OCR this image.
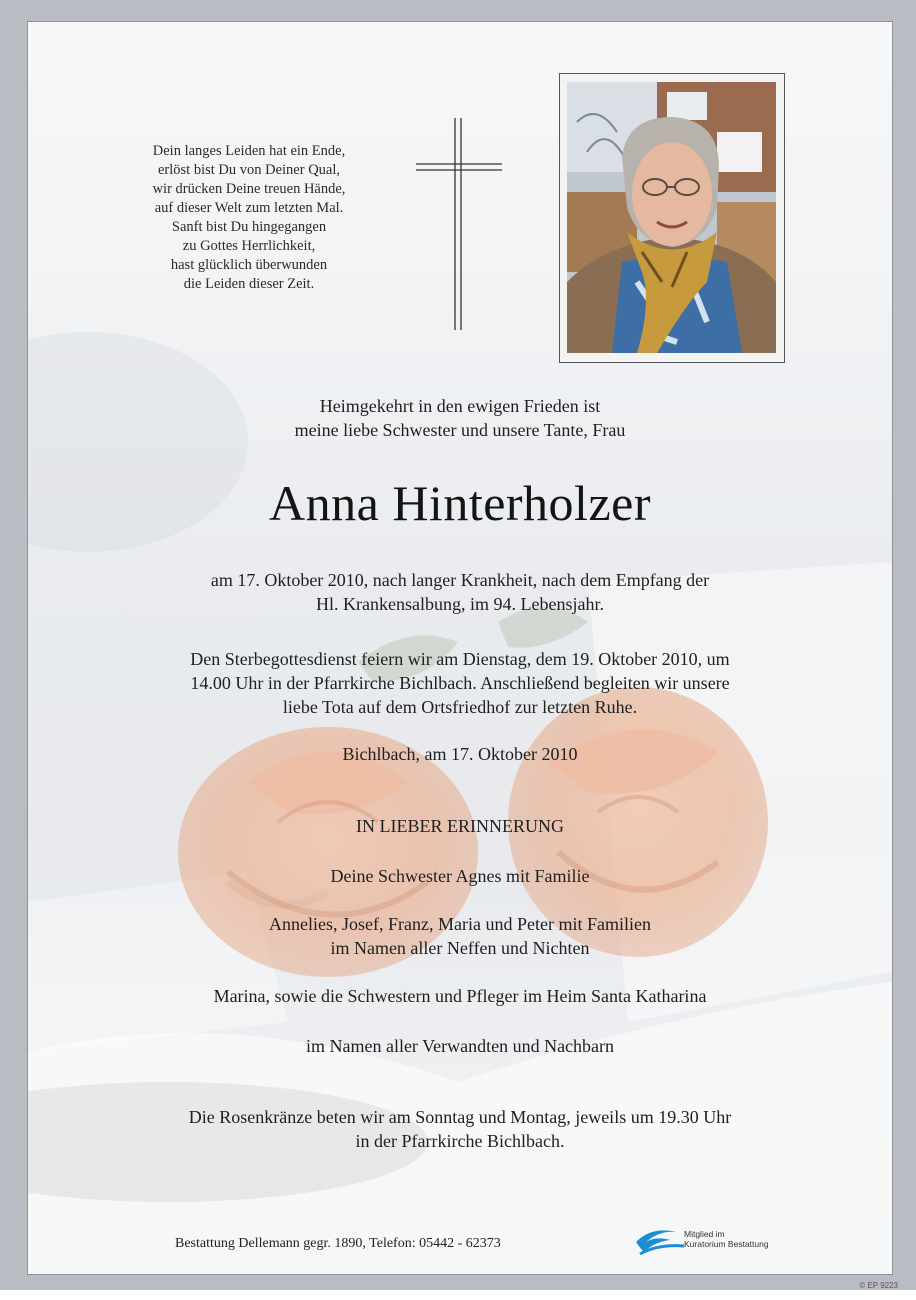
Dein langes Leiden hat ein Ende,
erlöst bist Du von Deiner Qual,
wir drücken Deine treuen Hände,
auf dieser Welt zum letzten Mal.
Sanft bist Du hingegangen
zu Gottes Herrlichkeit,
hast glücklich überwunden
die Leiden dieser Zeit.
Heimgekehrt in den ewigen Frieden ist
meine liebe Schwester und unsere Tante, Frau
Anna Hinterholzer
am 17. Oktober 2010, nach langer Krankheit, nach dem Empfang der
Hl. Krankensalbung, im 94. Lebensjahr.
Den Sterbegottesdienst feiern wir am Dienstag, dem 19. Oktober 2010, um
14.00 Uhr in der Pfarrkirche Bichlbach. Anschließend begleiten wir unsere
liebe Tota auf dem Ortsfriedhof zur letzten Ruhe.
Bichlbach, am 17. Oktober 2010
IN LIEBER ERINNERUNG
Deine Schwester Agnes mit Familie
Annelies, Josef, Franz, Maria und Peter mit Familien
im Namen aller Neffen und Nichten
Marina, sowie die Schwestern und Pfleger im Heim Santa Katharina
im Namen aller Verwandten und Nachbarn
Die Rosenkränze beten wir am Sonntag und Montag, jeweils um 19.30 Uhr
in der Pfarrkirche Bichlbach.
Bestattung Dellemann gegr. 1890, Telefon: 05442 - 62373
Mitglied im
Kuratorium Bestattung
© EP 9223
